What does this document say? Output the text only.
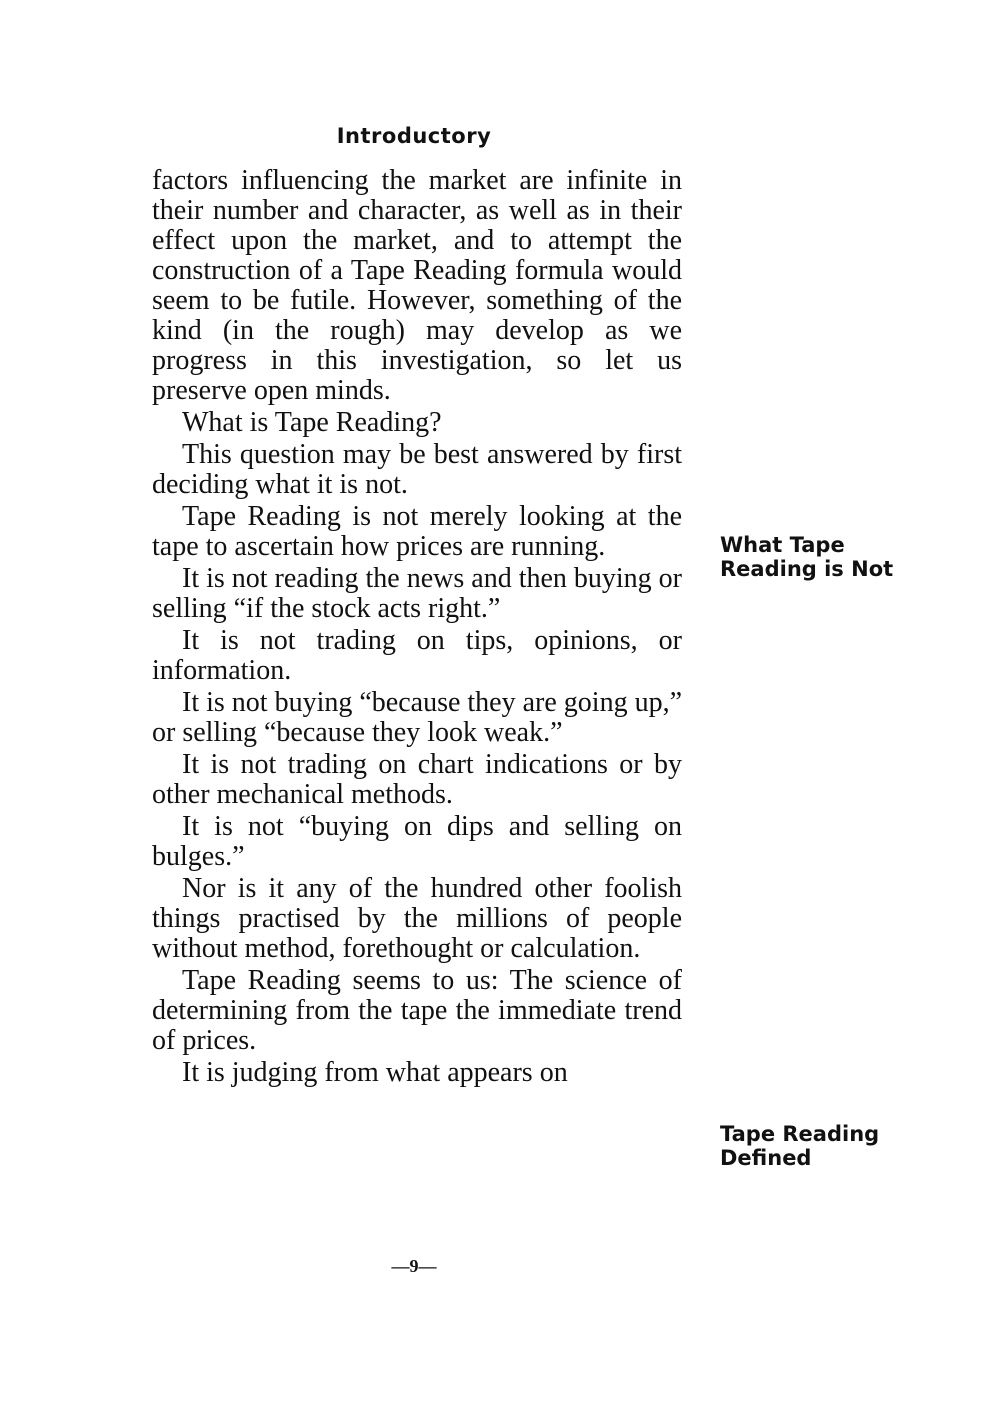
Introductory

factors influencing the market are infinite in their number and character, as well as in their effect upon the market, and to attempt the construction of a Tape Reading formula would seem to be futile. However, something of the kind (in the rough) may develop as we progress in this investigation, so let us preserve open minds.

What is Tape Reading?

This question may be best answered by first deciding what it is not.

Tape Reading is not merely looking at the tape to ascertain how prices are running.

It is not reading the news and then buying or selling “if the stock acts right.”

It is not trading on tips, opinions, or information.

It is not buying “because they are going up,” or selling “because they look weak.”

It is not trading on chart indications or by other mechanical methods.

It is not “buying on dips and selling on bulges.”

Nor is it any of the hundred other foolish things practised by the millions of people without method, forethought or calculation.

Tape Reading seems to us: The science of determining from the tape the immediate trend of prices.

It is judging from what appears on

What Tape Reading is Not
Tape Reading Defined
—9—
